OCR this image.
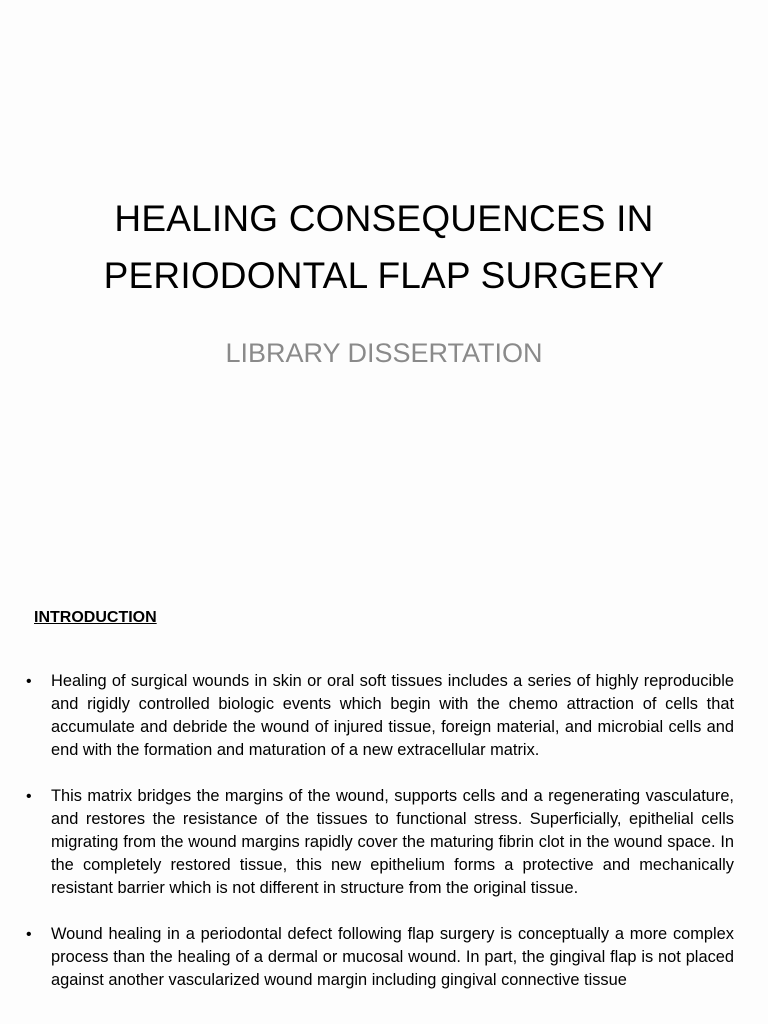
HEALING CONSEQUENCES IN
PERIODONTAL FLAP SURGERY
LIBRARY DISSERTATION
INTRODUCTION
• Healing of surgical wounds in skin or oral soft tissues includes a series of highly reproducible and rigidly controlled biologic events which begin with the chemo attraction of cells that accumulate and debride the wound of injured tissue, foreign material, and microbial cells and end with the formation and maturation of a new extracellular matrix.
• This matrix bridges the margins of the wound, supports cells and a regenerating vasculature, and restores the resistance of the tissues to functional stress. Superficially, epithelial cells migrating from the wound margins rapidly cover the maturing fibrin clot in the wound space. In the completely restored tissue, this new epithelium forms a protective and mechanically resistant barrier which is not different in structure from the original tissue.
• Wound healing in a periodontal defect following flap surgery is conceptually a more complex process than the healing of a dermal or mucosal wound. In part, the gingival flap is not placed against another vascularized wound margin including gingival connective tissue
